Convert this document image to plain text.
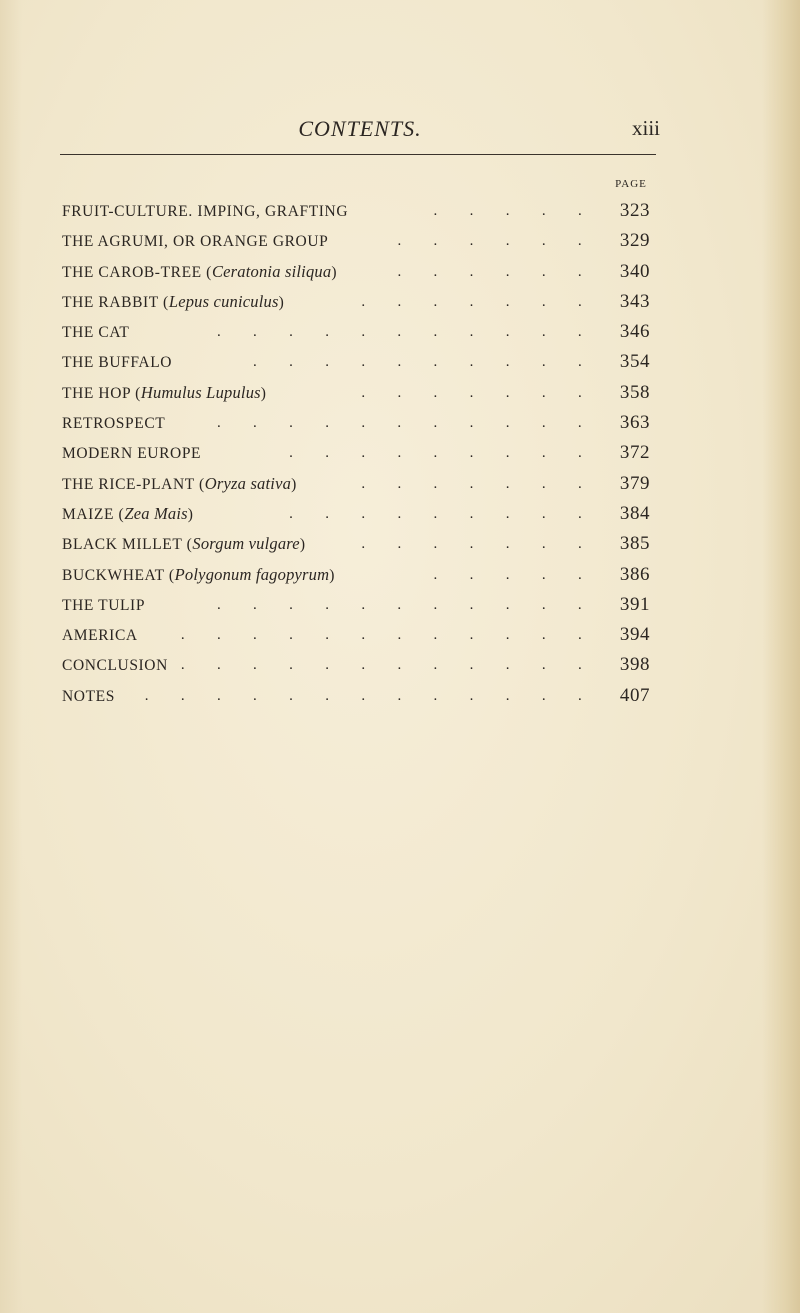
CONTENTS.	xiii
PAGE
FRUIT-CULTURE. IMPING, GRAFTING	. . . . .	323
THE AGRUMI, OR ORANGE GROUP	. . . . . .	329
THE CAROB-TREE (Ceratonia siliqua)	. . . . . .	340
THE RABBIT (Lepus cuniculus)	. . . . . . .	343
THE CAT	. . . . . . . . . . .	346
THE BUFFALO	. . . . . . . . . .	354
THE HOP (Humulus Lupulus)	. . . . . . .	358
RETROSPECT	. . . . . . . . . . .	363
MODERN EUROPE	. . . . . . . . .	372
THE RICE-PLANT (Oryza sativa)	. . . . . . .	379
MAIZE (Zea Mais)	. . . . . . . . .	384
BLACK MILLET (Sorgum vulgare)	. . . . . . .	385
BUCKWHEAT (Polygonum fagopyrum)	. . . . .	386
THE TULIP	. . . . . . . . . . .	391
AMERICA	. . . . . . . . . . . .	394
CONCLUSION . . . . . . . . . . . .	398
NOTES . . . . . . . . . . . . .	407
